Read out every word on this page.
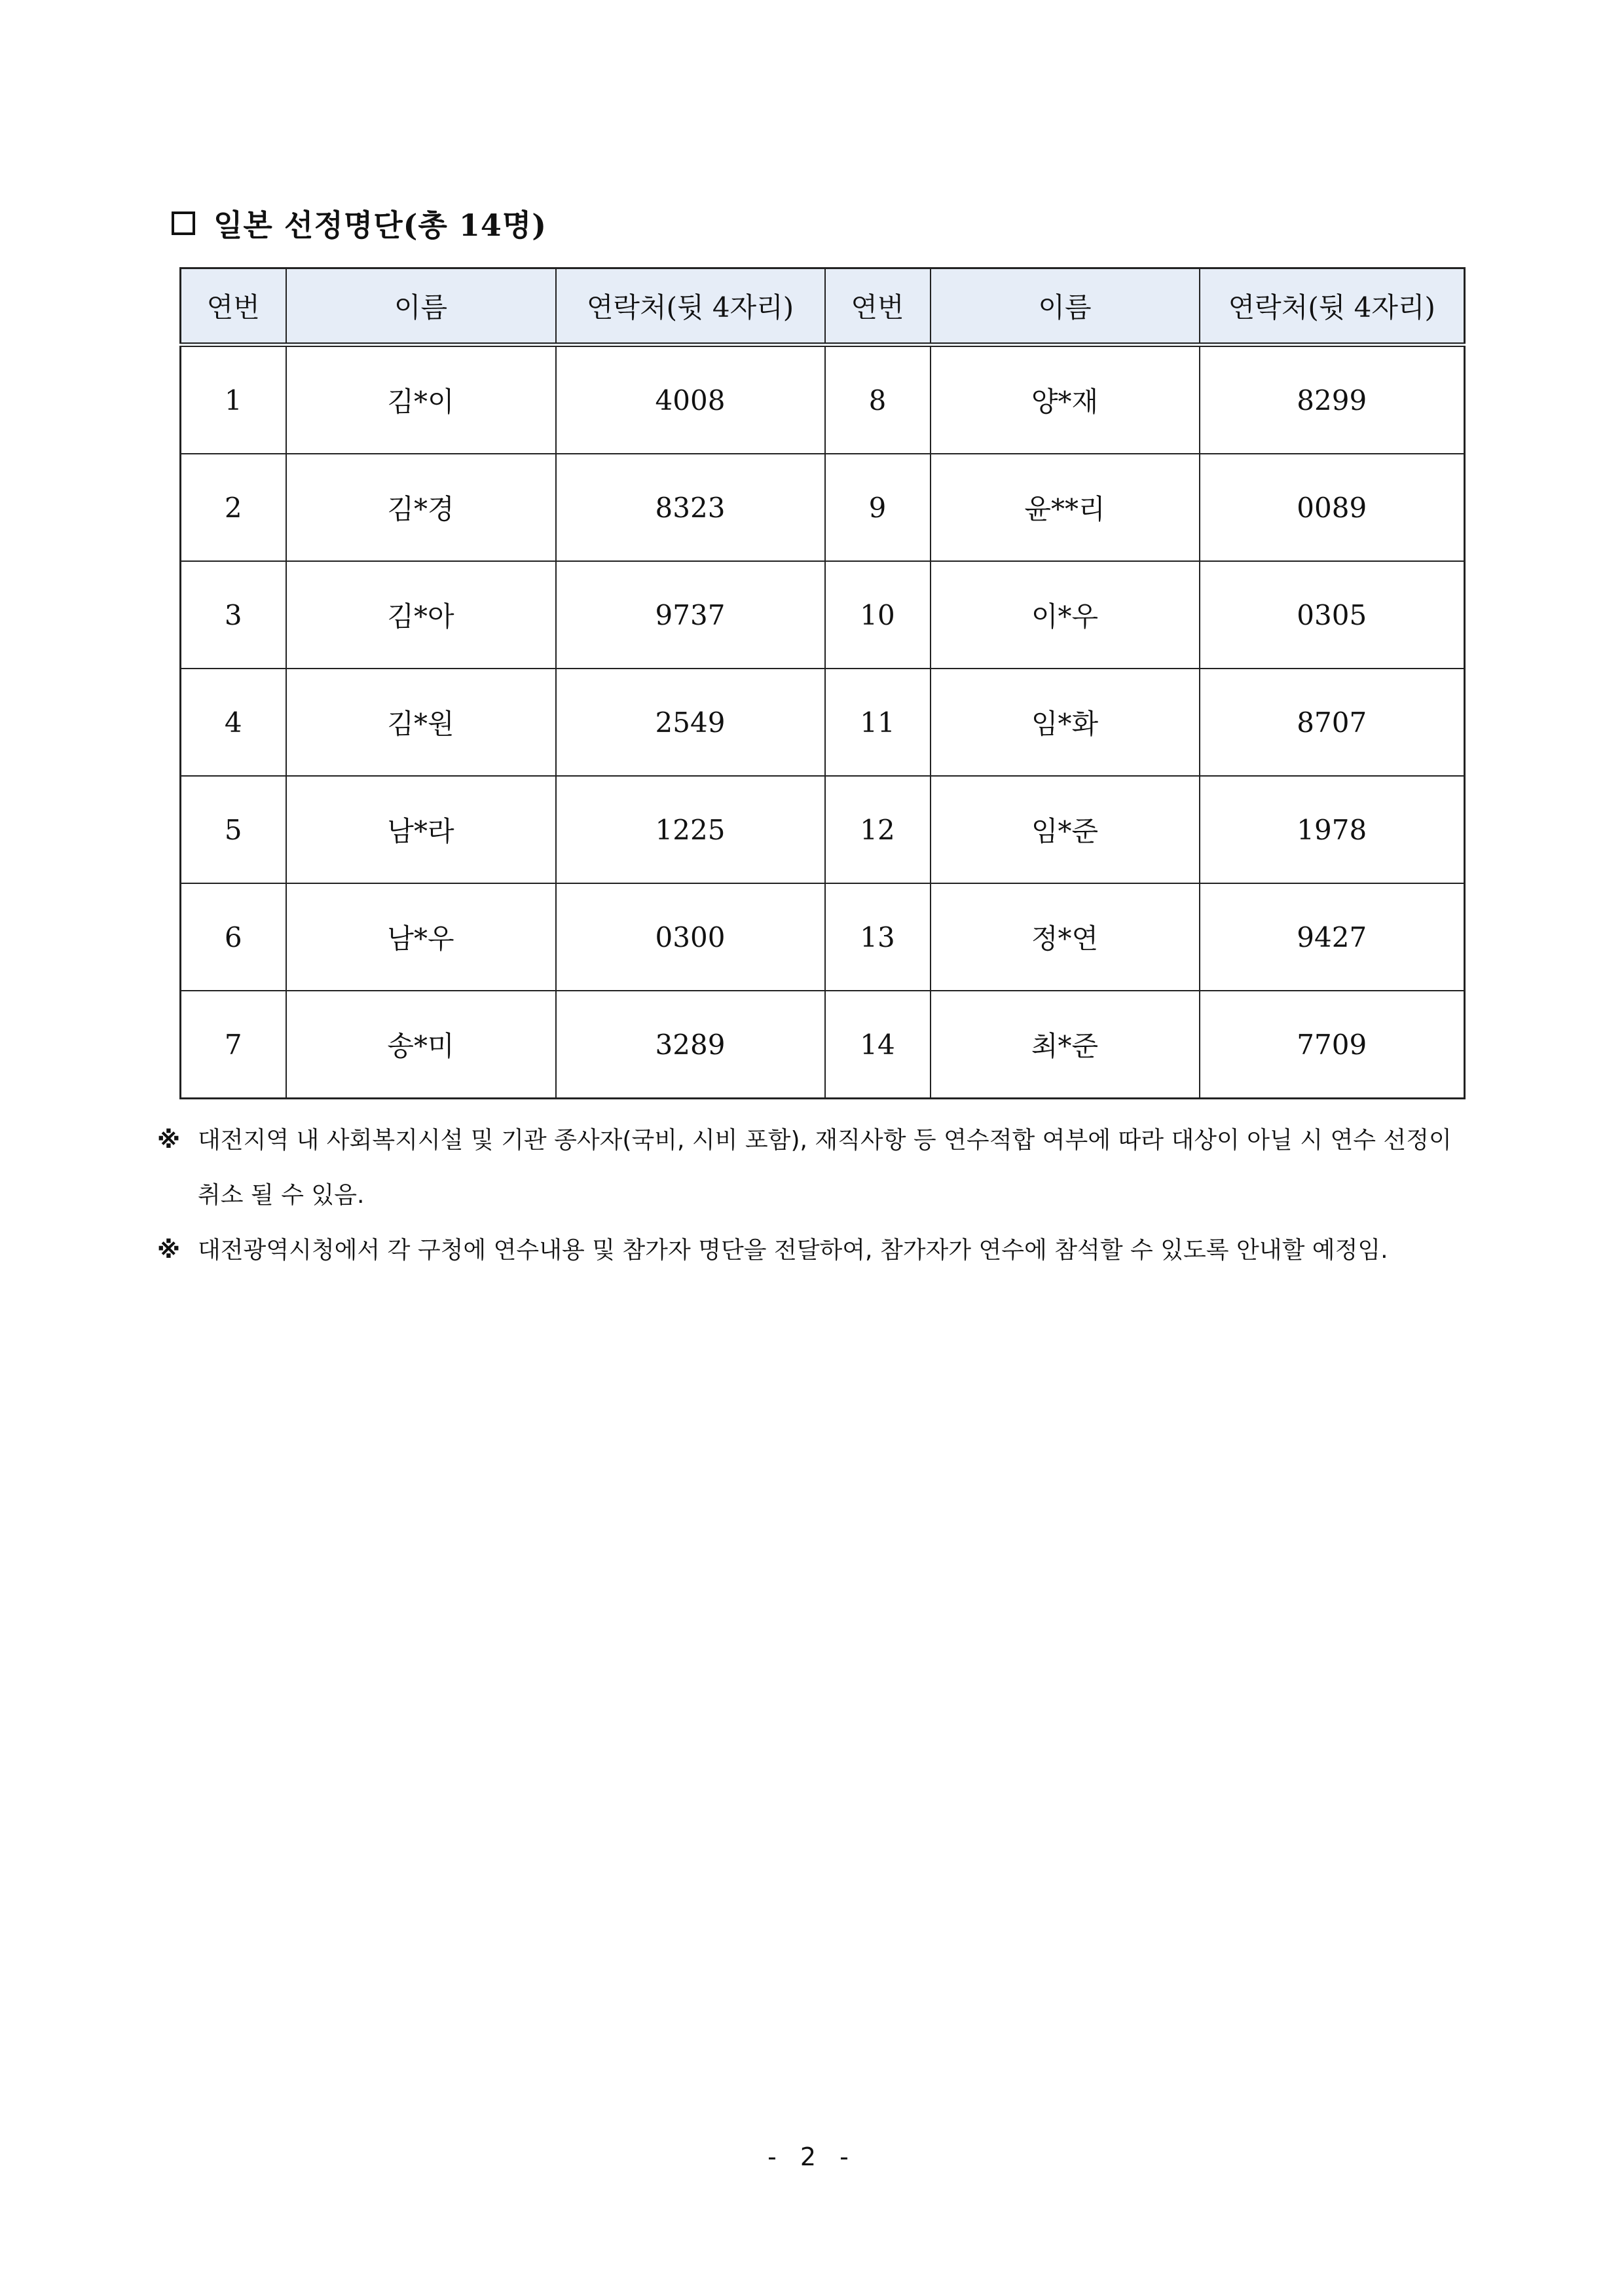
일본 선정명단(총 14명)
연번	이름	연락처(뒷 4자리)	연번	이름	연락처(뒷 4자리)
1	김*이	4008	8	양*재	8299
2	김*경	8323	9	윤**리	0089
3	김*아	9737	10	이*우	0305
4	김*원	2549	11	임*화	8707
5	남*라	1225	12	임*준	1978
6	남*우	0300	13	정*연	9427
7	송*미	3289	14	최*준	7709
※ 대전지역 내 사회복지시설 및 기관 종사자(국비, 시비 포함), 재직사항 등 연수적합 여부에 따라 대상이 아닐 시 연수 선정이 취소 될 수 있음.
※ 대전광역시청에서 각 구청에 연수내용 및 참가자 명단을 전달하여, 참가자가 연수에 참석할 수 있도록 안내할 예정임.
- 2 -
